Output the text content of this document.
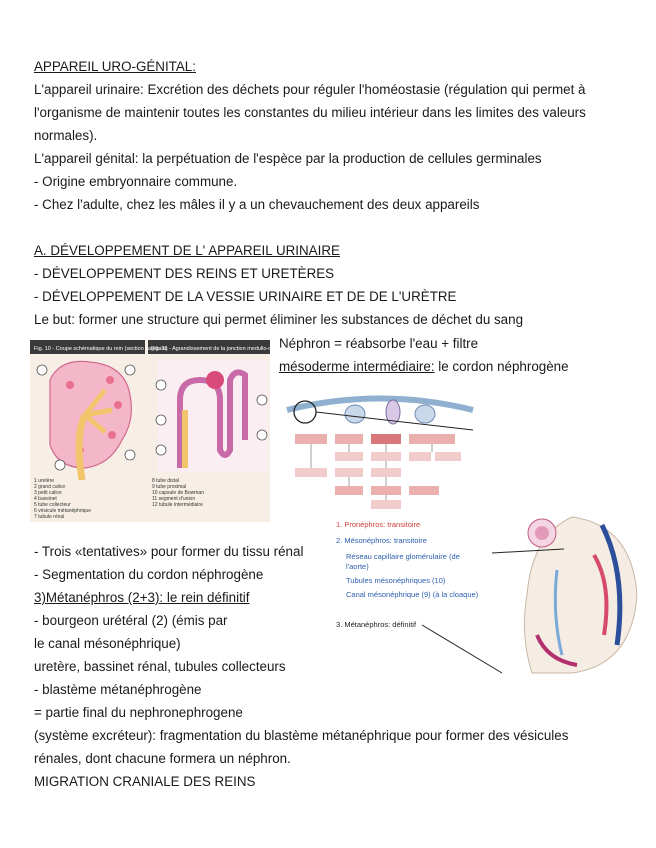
APPAREIL URO-GÉNITAL:
L'appareil urinaire: Excrétion des déchets pour réguler l'homéostasie (régulation qui permet à
l'organisme de maintenir toutes les constantes du milieu intérieur dans les limites des valeurs
normales).
L'appareil génital: la perpétuation de l'espèce par la production de cellules germinales
- Origine embryonnaire commune.
- Chez l'adulte, chez les mâles il y a un chevauchement des deux appareils
A. DÉVELOPPEMENT DE L' APPAREIL URINAIRE
- DÉVELOPPEMENT DES REINS ET URETÈRES
- DÉVELOPPEMENT DE LA VESSIE URINAIRE ET DE DE L'URÈTRE
Le but: former une structure qui permet éliminer les substances de déchet du sang
Néphron = réabsorbe l'eau + filtre
mésoderme intermédiaire: le cordon néphrogène
Fig. 10 - Coupe schématique du rein (section sagittale)
Fig. 11 - Agrandissement de la jonction medullo-corticale
1 uretère
2 grand calice
3 petit calice
4 bassinet
5 tube collecteur
6 vésicule métanéphrique
7 tubule rénal
8 tube distal
9 tube proximal
10 capsule de Bowman
11 segment d'union
12 tubule intermédiaire
1. Pronéphros: transitoire
2. Mésonéphros: transitoire
Réseau capillaire glomérulaire (de
l'aorte)
Tubules mésonéphriques (10)
Canal mésonéphrique (9) (à la cloaque)
3. Métanéphros: définitif
- Trois «tentatives» pour former du tissu rénal
- Segmentation du cordon néphrogène
3)Métanéphros (2+3): le rein définitif
- bourgeon urétéral (2) (émis par
le canal mésonéphrique)
uretère, bassinet rénal, tubules collecteurs
- blastème métanéphrogène
= partie final du nephronephrogene
(système excréteur): fragmentation du blastème métanéphrique pour former des vésicules
rénales, dont chacune formera un néphron.
MIGRATION CRANIALE DES REINS
